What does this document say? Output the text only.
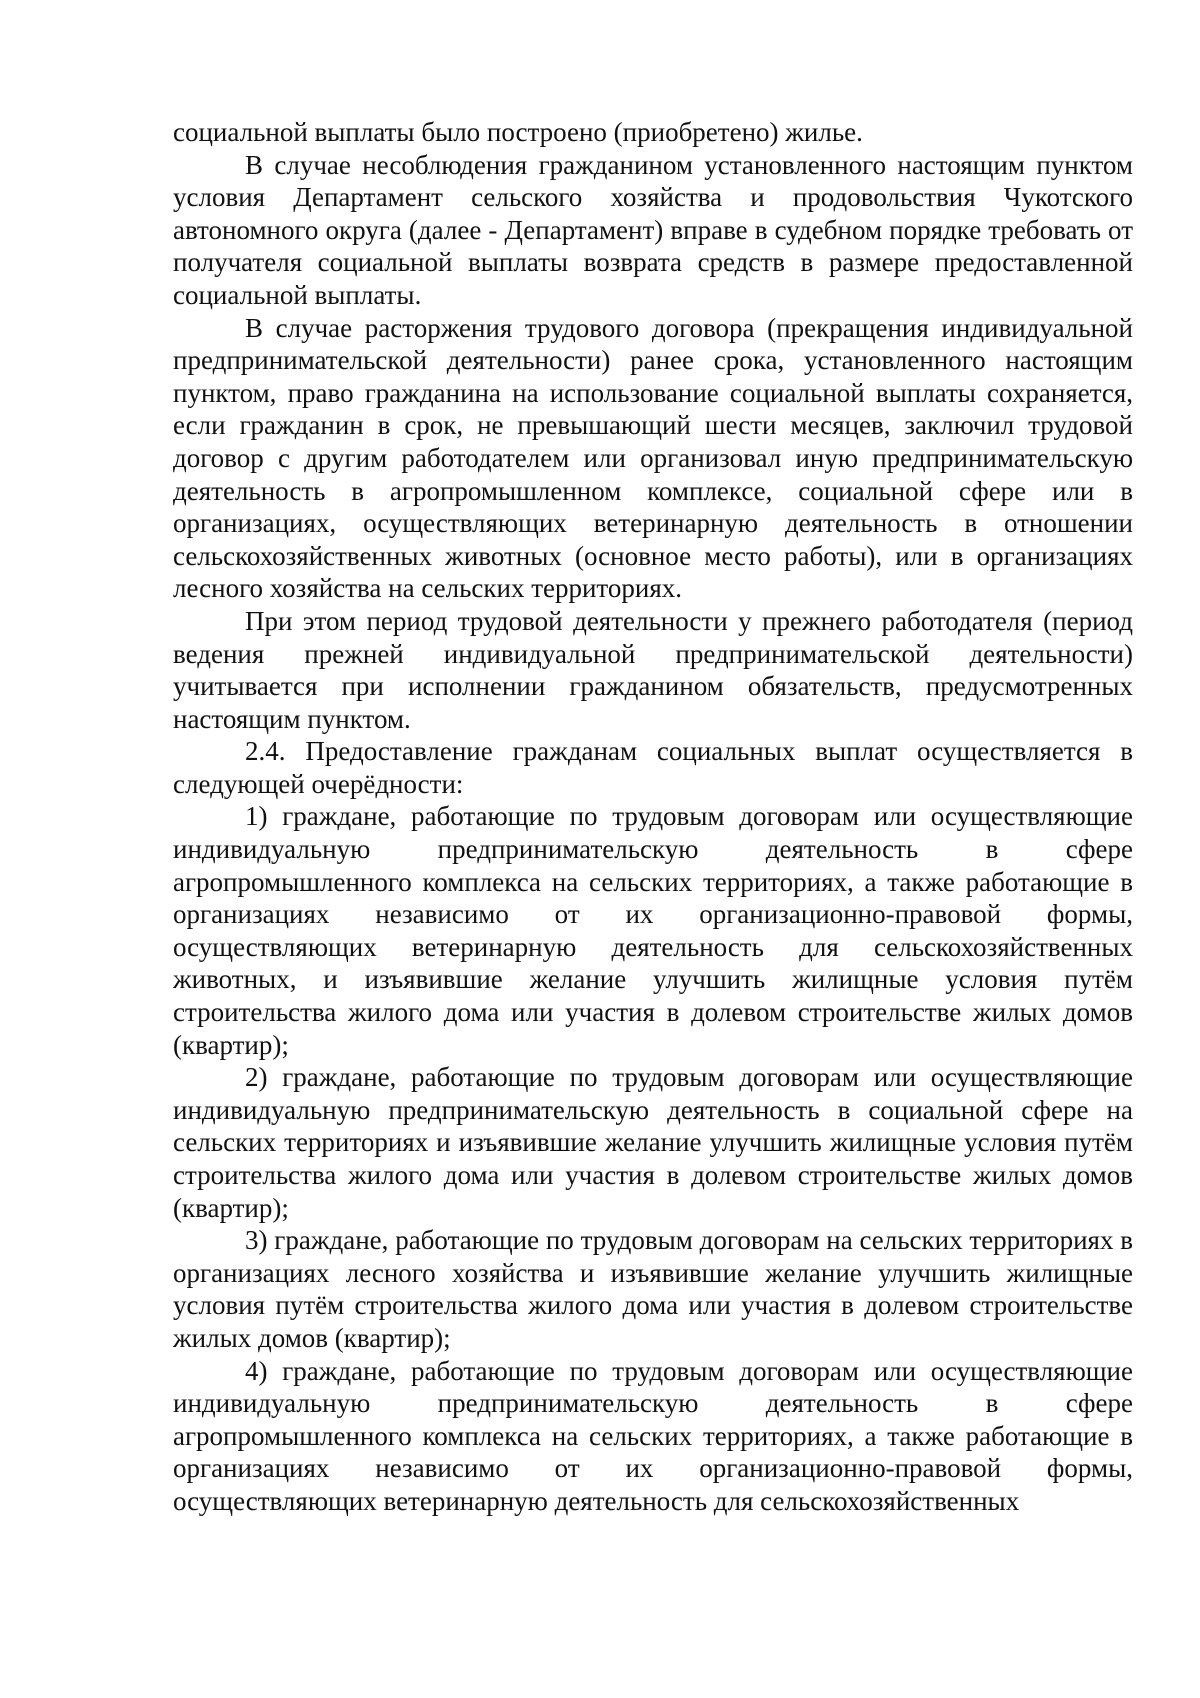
социальной выплаты было построено (приобретено) жилье.

В случае несоблюдения гражданином установленного настоящим пунктом условия Департамент сельского хозяйства и продовольствия Чукотского автономного округа (далее - Департамент) вправе в судебном порядке требовать от получателя социальной выплаты возврата средств в размере предоставленной социальной выплаты.

В случае расторжения трудового договора (прекращения индивидуальной предпринимательской деятельности) ранее срока, установленного настоящим пунктом, право гражданина на использование социальной выплаты сохраняется, если гражданин в срок, не превышающий шести месяцев, заключил трудовой договор с другим работодателем или организовал иную предпринимательскую деятельность в агропромышленном комплексе, социальной сфере или в организациях, осуществляющих ветеринарную деятельность в отношении сельскохозяйственных животных (основное место работы), или в организациях лесного хозяйства на сельских территориях.

При этом период трудовой деятельности у прежнего работодателя (период ведения прежней индивидуальной предпринимательской деятельности) учитывается при исполнении гражданином обязательств, предусмотренных настоящим пунктом.

2.4. Предоставление гражданам социальных выплат осуществляется в следующей очерёдности:

1) граждане, работающие по трудовым договорам или осуществляющие индивидуальную предпринимательскую деятельность в сфере агропромышленного комплекса на сельских территориях, а также работающие в организациях независимо от их организационно-правовой формы, осуществляющих ветеринарную деятельность для сельскохозяйственных животных, и изъявившие желание улучшить жилищные условия путём строительства жилого дома или участия в долевом строительстве жилых домов (квартир);

2) граждане, работающие по трудовым договорам или осуществляющие индивидуальную предпринимательскую деятельность в социальной сфере на сельских территориях и изъявившие желание улучшить жилищные условия путём строительства жилого дома или участия в долевом строительстве жилых домов (квартир);

3) граждане, работающие по трудовым договорам на сельских территориях в организациях лесного хозяйства и изъявившие желание улучшить жилищные условия путём строительства жилого дома или участия в долевом строительстве жилых домов (квартир);

4) граждане, работающие по трудовым договорам или осуществляющие индивидуальную предпринимательскую деятельность в сфере агропромышленного комплекса на сельских территориях, а также работающие в организациях независимо от их организационно-правовой формы, осуществляющих ветеринарную деятельность для сельскохозяйственных
